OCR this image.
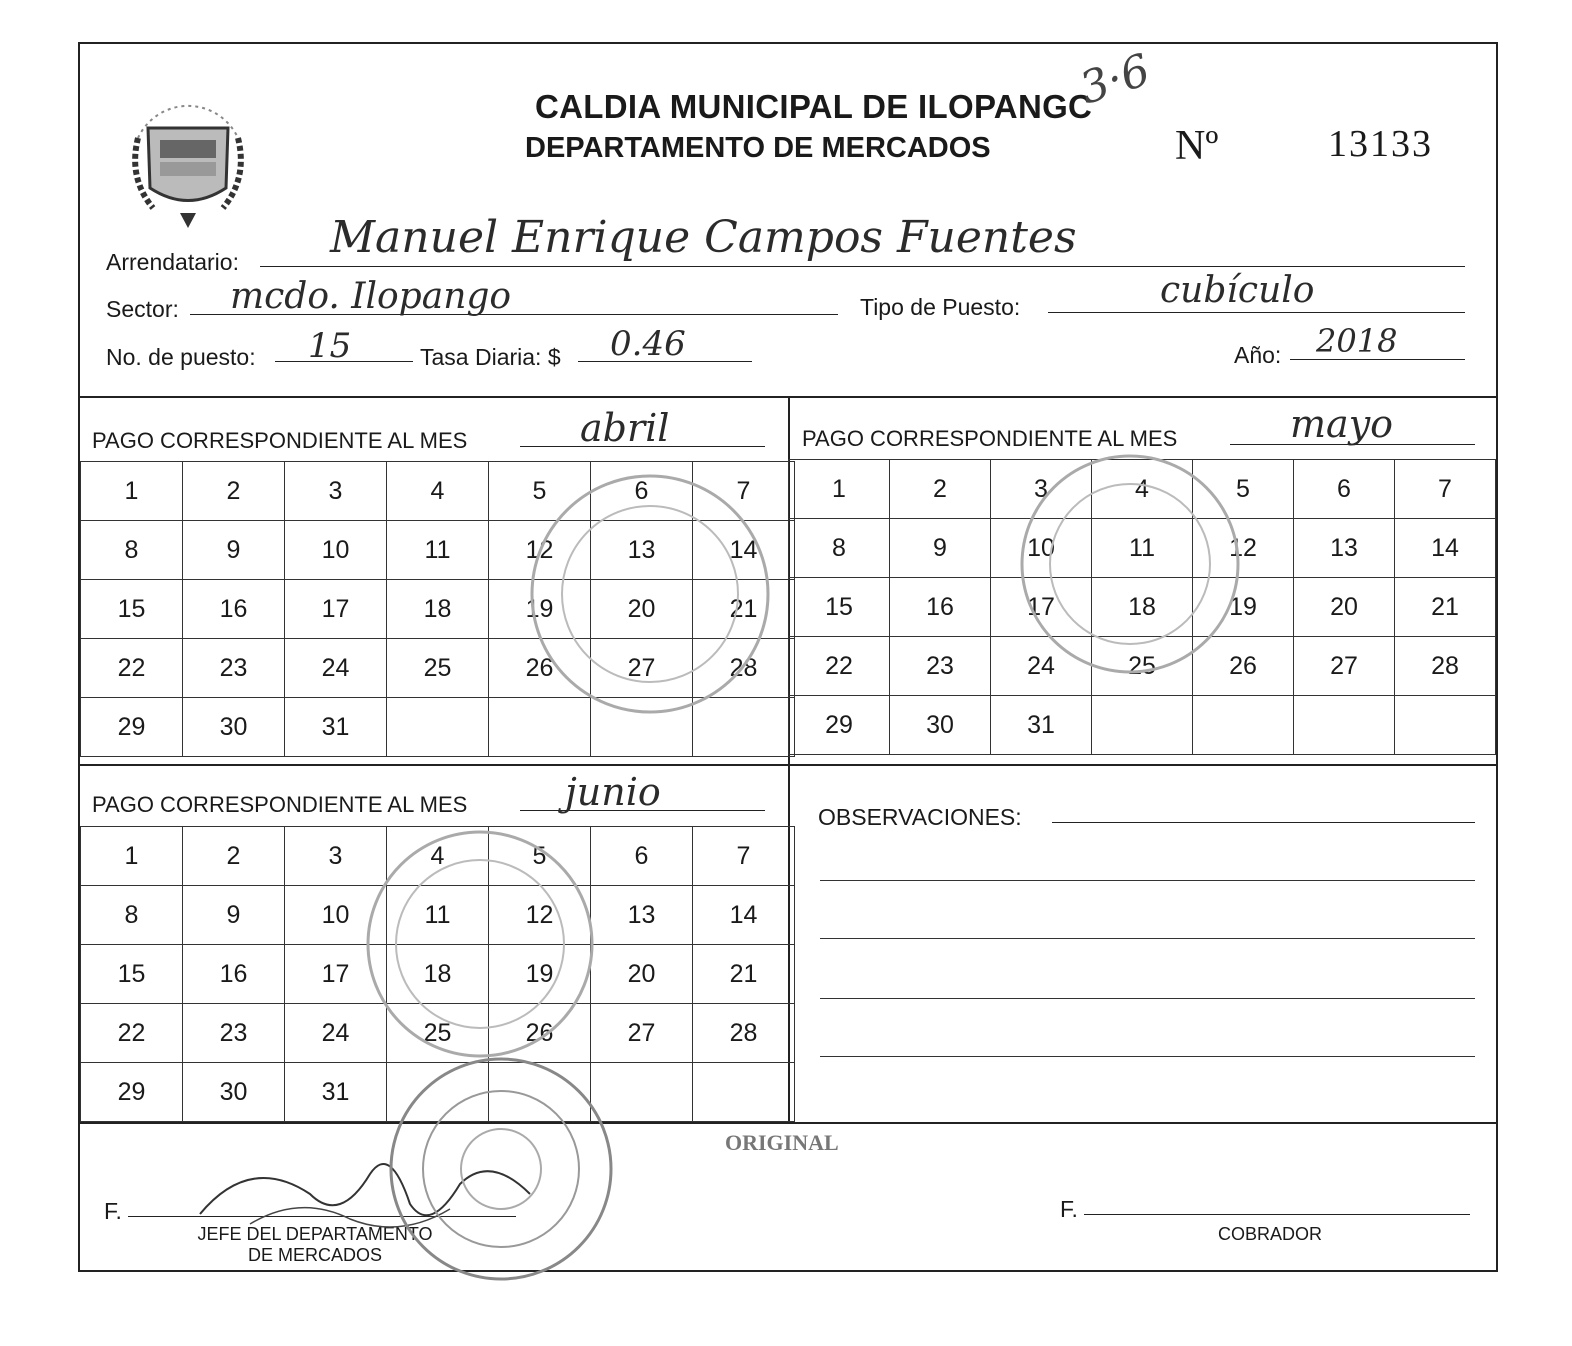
CALDIA MUNICIPAL DE ILOPANGC
DEPARTAMENTO DE MERCADOS
3·6
Nº	13133
Arrendatario: Manuel Enrique Campos Fuentes
Sector: mcdo. Ilopango	Tipo de Puesto:	cubículo
No. de puesto: 15	Tasa Diaria: $ 0.46	Año: 2018
PAGO CORRESPONDIENTE AL MES	abril
1	2	3	4	5	6	7
8	9	10	11	12	13	14
15	16	17	18	19	20	21
22	23	24	25	26	27	28
29	30	31				
PAGO CORRESPONDIENTE AL MES	mayo
1	2	3	4	5	6	7
8	9	10	11	12	13	14
15	16	17	18	19	20	21
22	23	24	25	26	27	28
29	30	31				
PAGO CORRESPONDIENTE AL MES	junio
1	2	3	4	5	6	7
8	9	10	11	12	13	14
15	16	17	18	19	20	21
22	23	24	25	26	27	28
29	30	31				
OBSERVACIONES:
ORIGINAL
F.
JEFE DEL DEPARTAMENTO
DE MERCADOS
F.
COBRADOR
